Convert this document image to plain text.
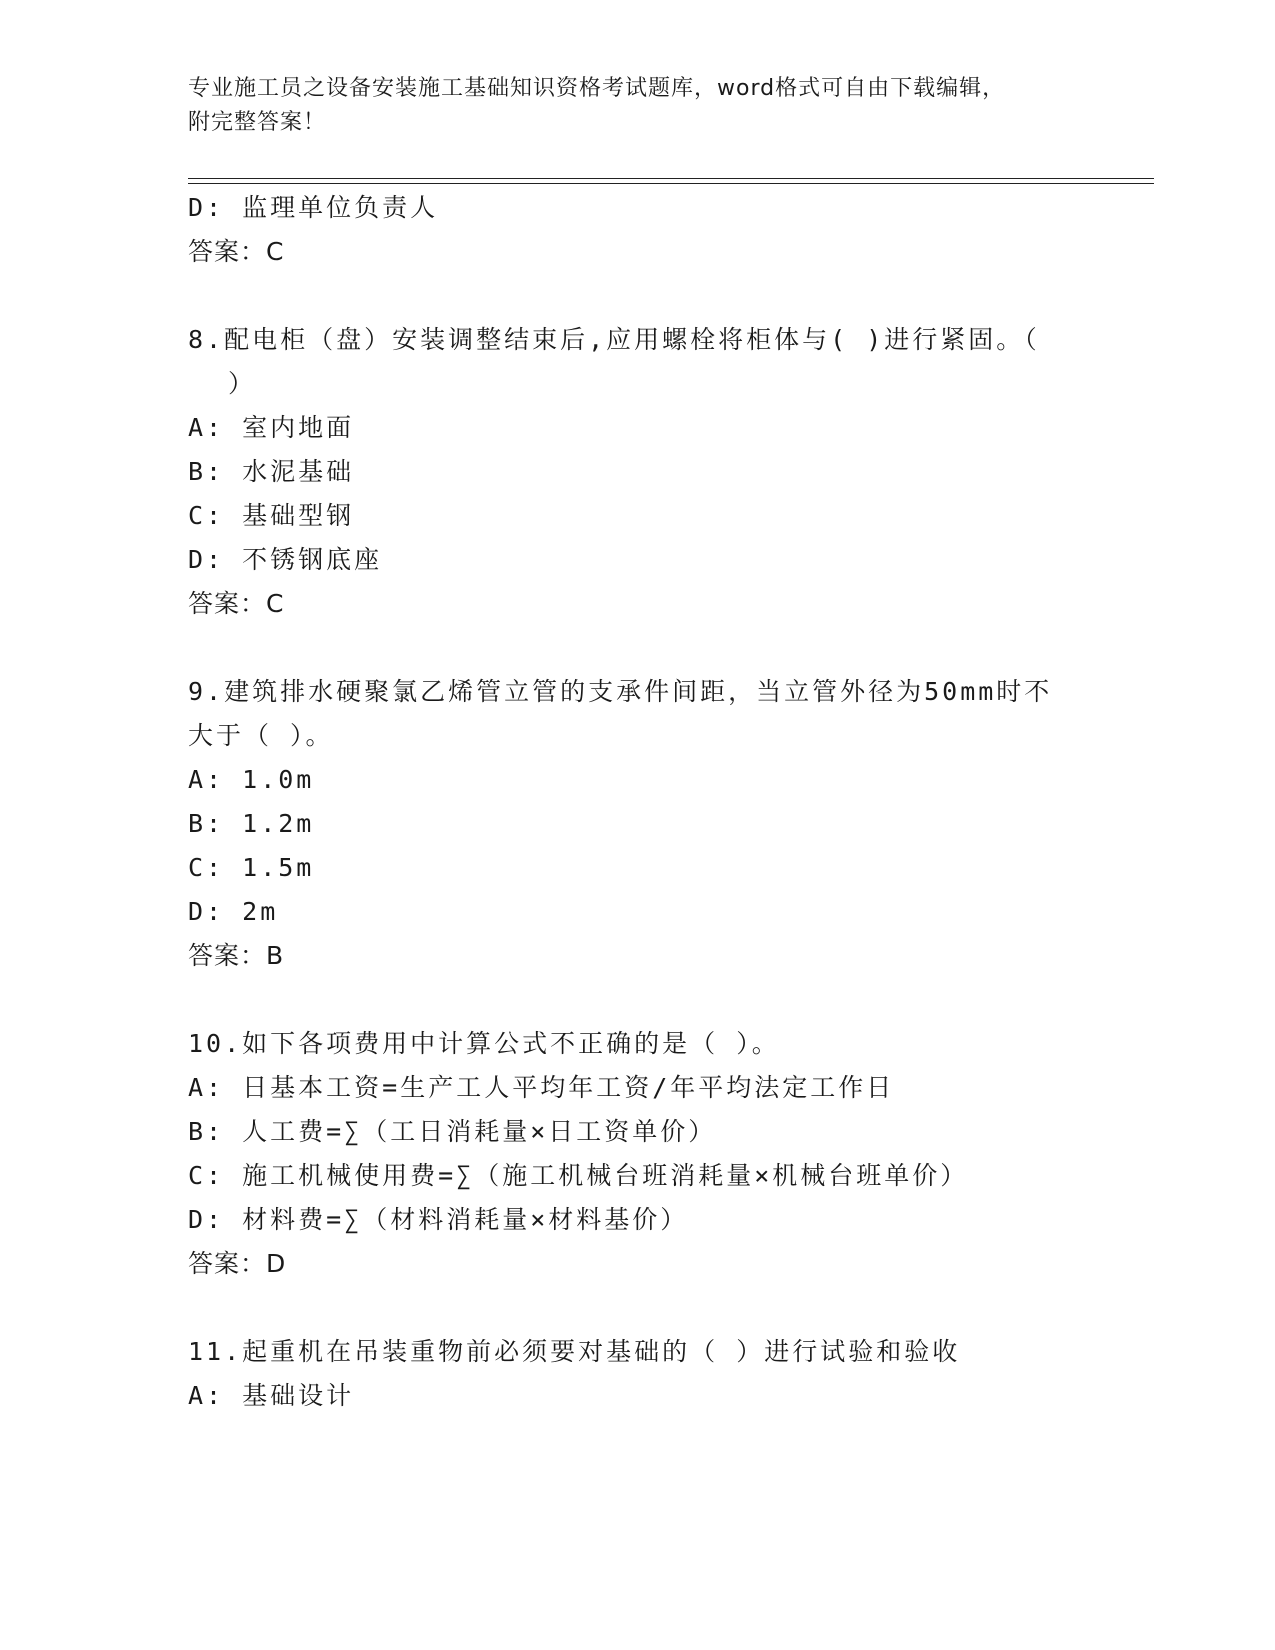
专业施工员之设备安装施工基础知识资格考试题库，word格式可自由下载编辑，
附完整答案！
D: 监理单位负责人
答案：C
8.配电柜（盘）安装调整结束后,应用螺栓将柜体与( )进行紧固。（
）
A: 室内地面
B: 水泥基础
C: 基础型钢
D: 不锈钢底座
答案：C
9.建筑排水硬聚氯乙烯管立管的支承件间距，当立管外径为50mm时不
大于（ ）。
A: 1.0m
B: 1.2m
C: 1.5m
D: 2m
答案：B
10.如下各项费用中计算公式不正确的是（ ）。
A: 日基本工资=生产工人平均年工资/年平均法定工作日
B: 人工费=∑（工日消耗量×日工资单价）
C: 施工机械使用费=∑（施工机械台班消耗量×机械台班单价）
D: 材料费=∑（材料消耗量×材料基价）
答案：D
11.起重机在吊装重物前必须要对基础的（ ）进行试验和验收
A: 基础设计
